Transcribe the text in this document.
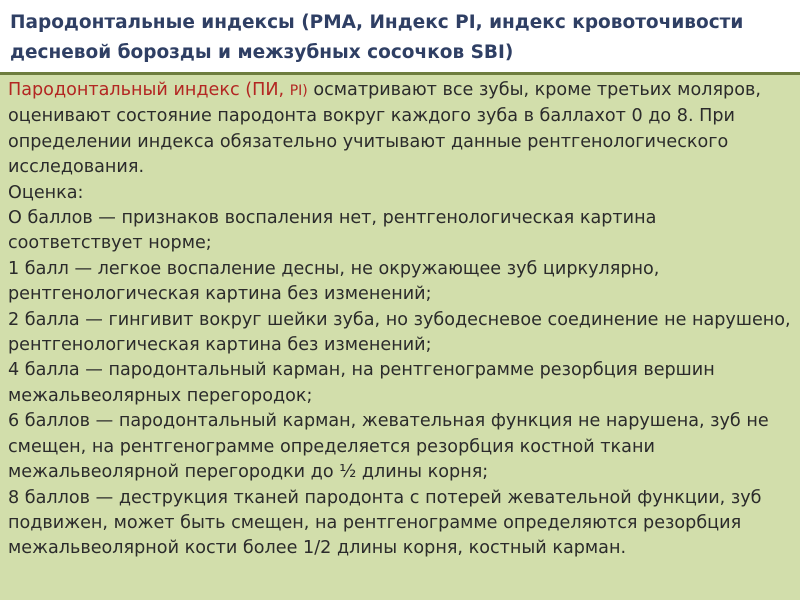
Пародонтальные индексы (РМА, Индекс PI, индекс кровоточивости десневой борозды и межзубных сосочков SBI)

Пародонтальный индекс (ПИ, PI) осматривают все зубы, кроме третьих моляров, оценивают состояние пародонта вокруг каждого зуба в баллахот 0 до 8. При определении индекса обязательно учитывают данные рентгенологического исследования.

Оценка:

О баллов — признаков воспаления нет, рентгенологическая картина соответствует норме;

1 балл — легкое воспаление десны, не окружающее зуб циркулярно, рентгенологическая картина без изменений;

2 балла — гингивит вокруг шейки зуба, но зубодесневое соединение не нарушено, рентгенологическая картина без изменений;

4 балла — пародонтальный карман, на рентгенограмме резорбция вершин межальвеолярных перегородок;

6 баллов — пародонтальный карман, жевательная функция не нарушена, зуб не смещен, на рентгенограмме определяется резорбция костной ткани межальвеолярной перегородки до ½ длины корня;

8 баллов — деструкция тканей пародонта с потерей жевательной функции, зуб подвижен, может быть смещен, на рентгенограмме определяются резорбция межальвеолярной кости более 1/2 длины корня, костный карман.
